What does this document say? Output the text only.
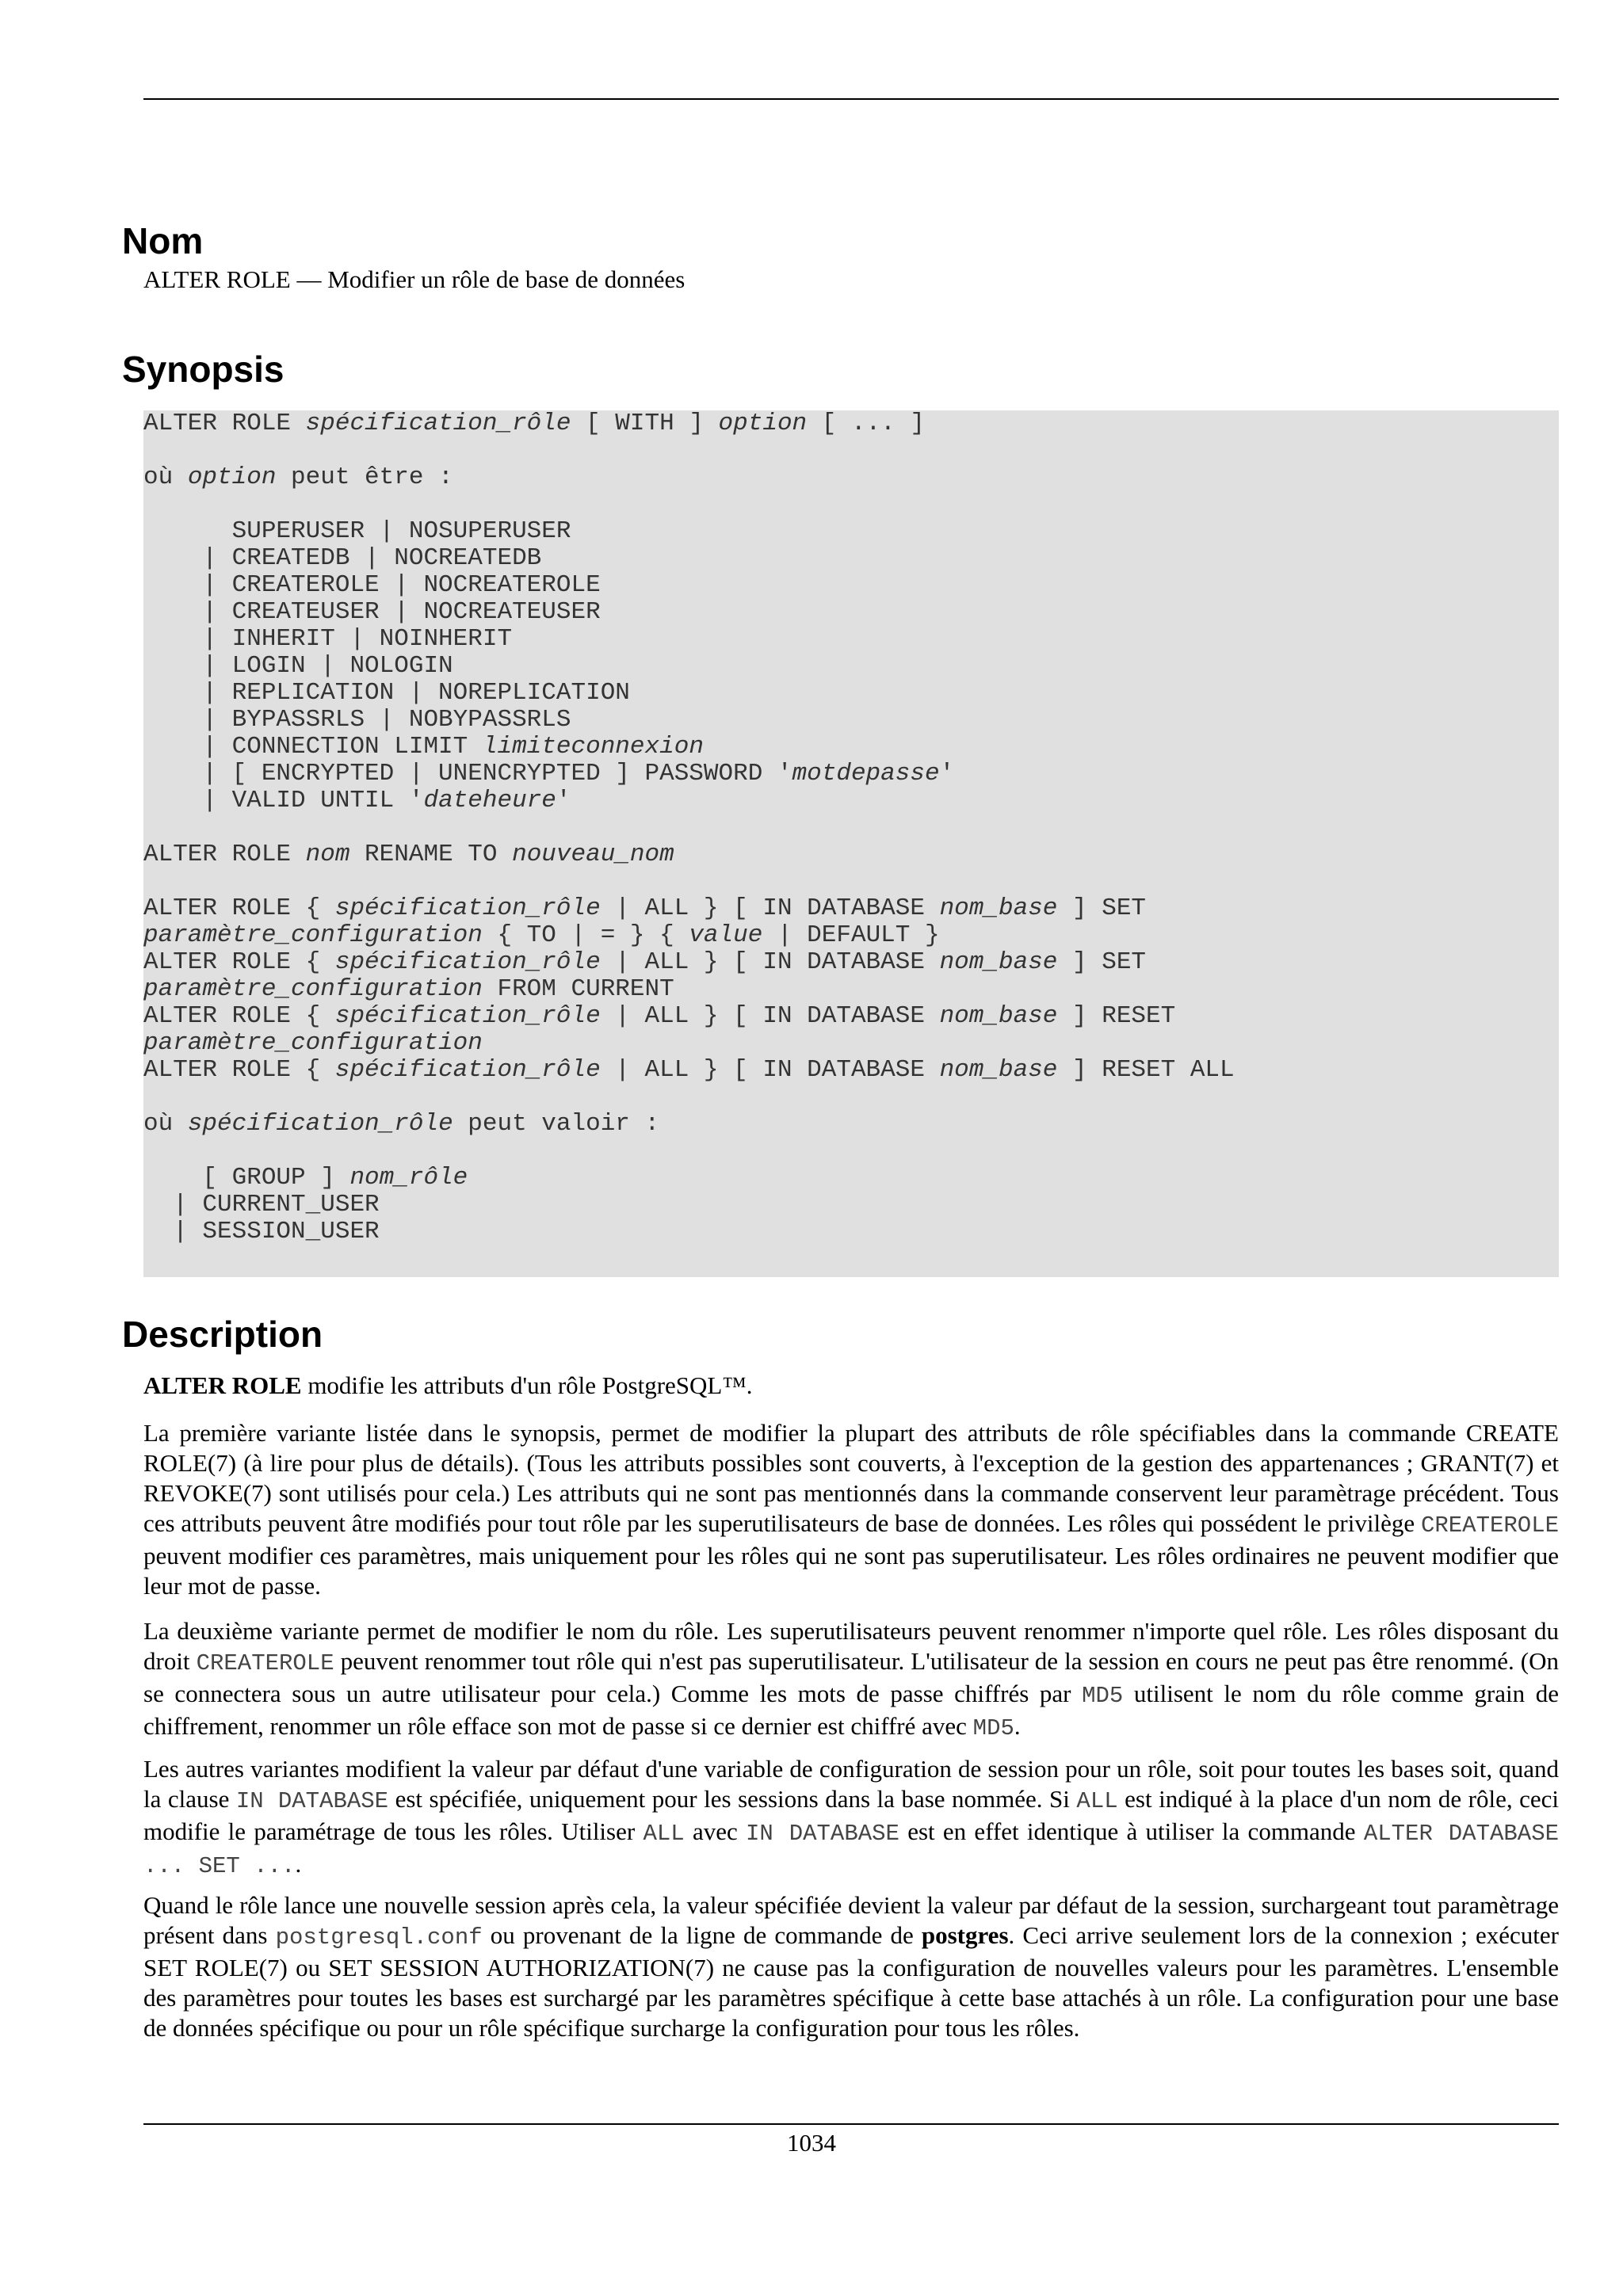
Nom

ALTER ROLE — Modifier un rôle de base de données

Synopsis
ALTER ROLE spécification_rôle [ WITH ] option [ ... ]

où option peut être :

SUPERUSER | NOSUPERUSER
| CREATEDB | NOCREATEDB
| CREATEROLE | NOCREATEROLE
| CREATEUSER | NOCREATEUSER
| INHERIT | NOINHERIT
| LOGIN | NOLOGIN
| REPLICATION | NOREPLICATION
| BYPASSRLS | NOBYPASSRLS
| CONNECTION LIMIT limiteconnexion
| [ ENCRYPTED | UNENCRYPTED ] PASSWORD 'motdepasse'
| VALID UNTIL 'dateheure'

ALTER ROLE nom RENAME TO nouveau_nom

ALTER ROLE { spécification_rôle | ALL } [ IN DATABASE nom_base ] SET
paramètre_configuration { TO | = } { value | DEFAULT }
ALTER ROLE { spécification_rôle | ALL } [ IN DATABASE nom_base ] SET
paramètre_configuration FROM CURRENT
ALTER ROLE { spécification_rôle | ALL } [ IN DATABASE nom_base ] RESET
paramètre_configuration
ALTER ROLE { spécification_rôle | ALL } [ IN DATABASE nom_base ] RESET ALL

où spécification_rôle peut valoir :

[ GROUP ] nom_rôle
| CURRENT_USER
| SESSION_USER
Description

ALTER ROLE modifie les attributs d'un rôle PostgreSQL™.

La première variante listée dans le synopsis, permet de modifier la plupart des attributs de rôle spécifiables dans la commande CREATE ROLE(7) (à lire pour plus de détails). (Tous les attributs possibles sont couverts, à l'exception de la gestion des appartenances ; GRANT(7) et REVOKE(7) sont utilisés pour cela.) Les attributs qui ne sont pas mentionnés dans la commande conservent leur paramètrage précédent. Tous ces attributs peuvent âtre modifiés pour tout rôle par les superutilisateurs de base de données. Les rôles qui possédent le privilège CREATEROLE peuvent modifier ces paramètres, mais uniquement pour les rôles qui ne sont pas superutilisateur. Les rôles ordinaires ne peuvent modifier que leur mot de passe.

La deuxième variante permet de modifier le nom du rôle. Les superutilisateurs peuvent renommer n'importe quel rôle. Les rôles disposant du droit CREATEROLE peuvent renommer tout rôle qui n'est pas superutilisateur. L'utilisateur de la session en cours ne peut pas être renommé. (On se connectera sous un autre utilisateur pour cela.) Comme les mots de passe chiffrés par MD5 utilisent le nom du rôle comme grain de chiffrement, renommer un rôle efface son mot de passe si ce dernier est chiffré avec MD5.

Les autres variantes modifient la valeur par défaut d'une variable de configuration de session pour un rôle, soit pour toutes les bases soit, quand la clause IN DATABASE est spécifiée, uniquement pour les sessions dans la base nommée. Si ALL est indiqué à la place d'un nom de rôle, ceci modifie le paramétrage de tous les rôles. Utiliser ALL avec IN DATABASE est en effet identique à utiliser la commande ALTER DATABASE ... SET ....

Quand le rôle lance une nouvelle session après cela, la valeur spécifiée devient la valeur par défaut de la session, surchargeant tout paramètrage présent dans postgresql.conf ou provenant de la ligne de commande de postgres. Ceci arrive seulement lors de la connexion ; exécuter SET ROLE(7) ou SET SESSION AUTHORIZATION(7) ne cause pas la configuration de nouvelles valeurs pour les paramètres. L'ensemble des paramètres pour toutes les bases est surchargé par les paramètres spécifique à cette base attachés à un rôle. La configuration pour une base de données spécifique ou pour un rôle spécifique surcharge la configuration pour tous les rôles.

1034
